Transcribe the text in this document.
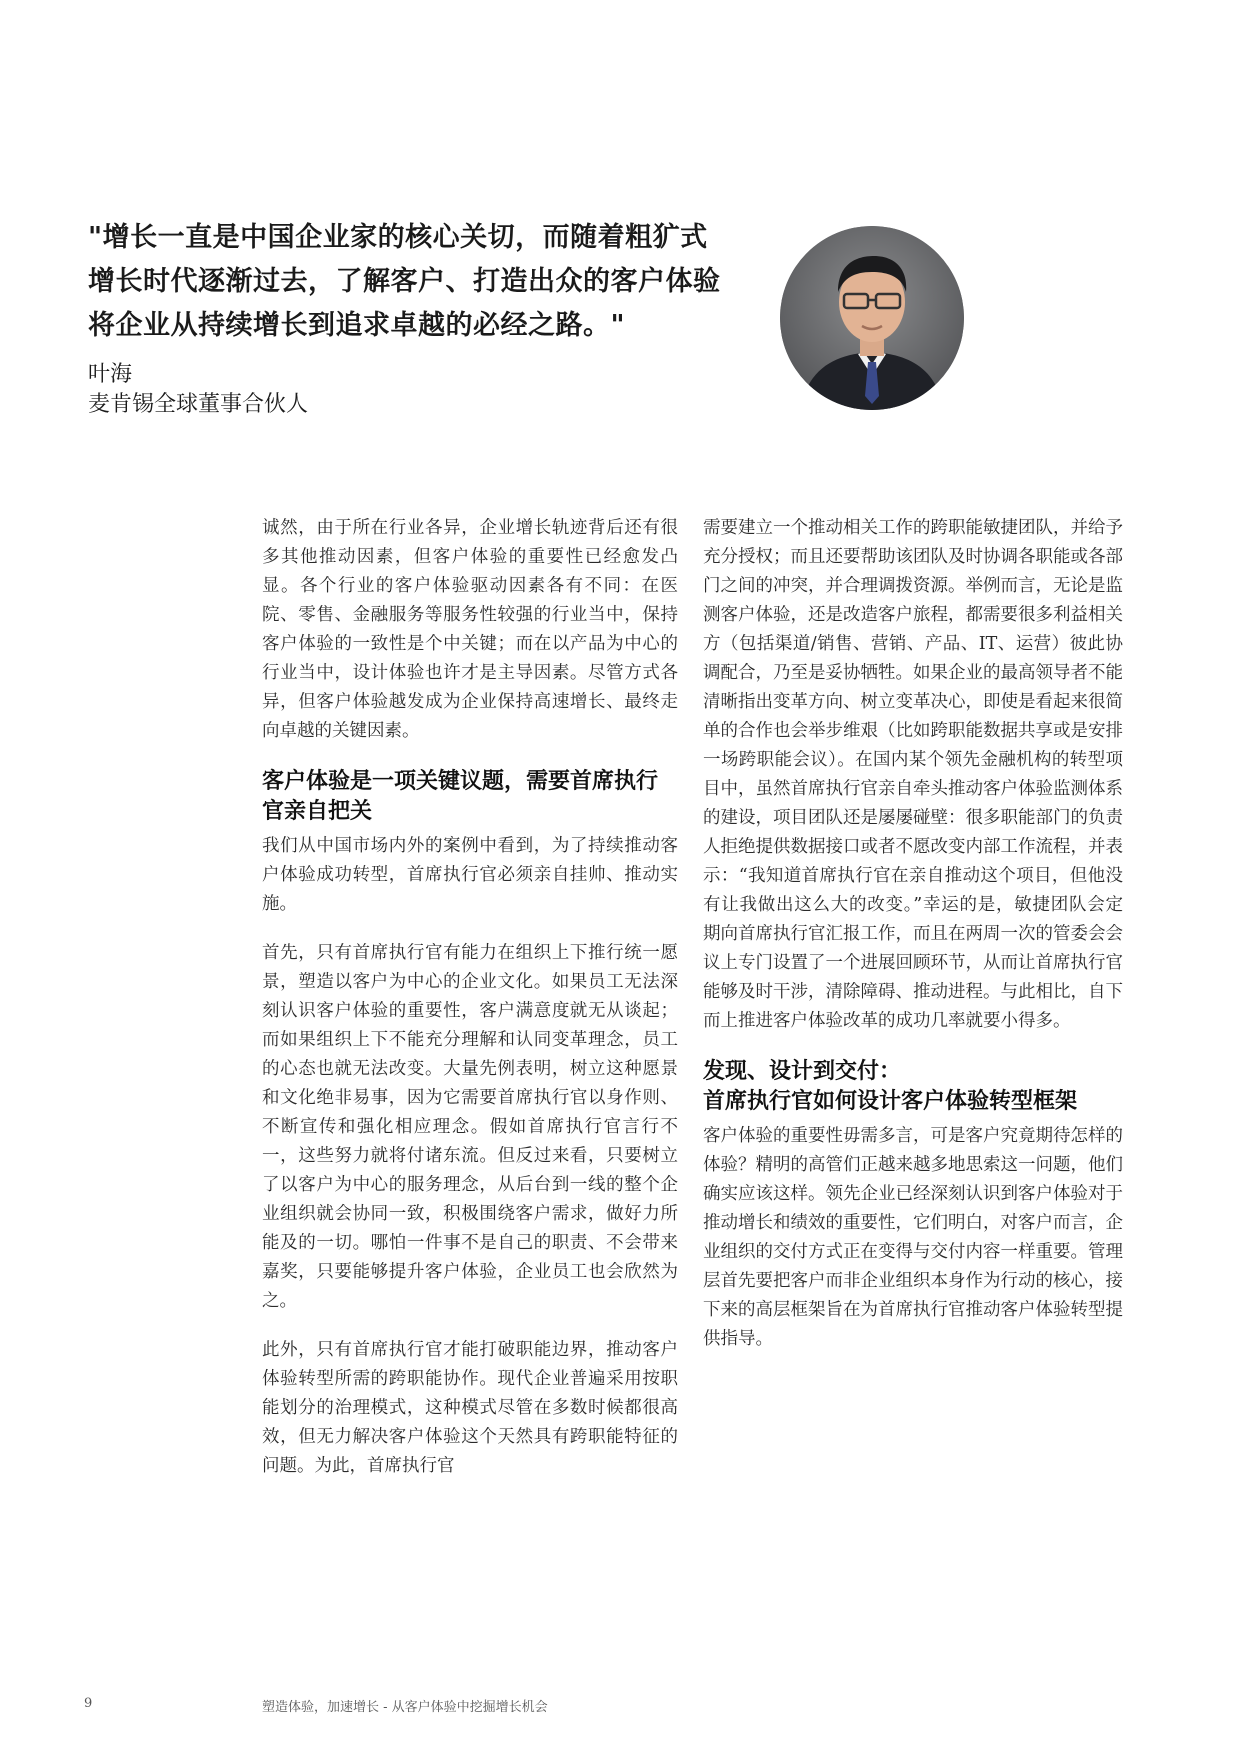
"增长一直是中国企业家的核心关切，而随着粗犷式增长时代逐渐过去，了解客户、打造出众的客户体验将企业从持续增长到追求卓越的必经之路。"

叶海

麦肯锡全球董事合伙人

诚然，由于所在行业各异，企业增长轨迹背后还有很多其他推动因素，但客户体验的重要性已经愈发凸显。各个行业的客户体验驱动因素各有不同：在医院、零售、金融服务等服务性较强的行业当中，保持客户体验的一致性是个中关键；而在以产品为中心的行业当中，设计体验也许才是主导因素。尽管方式各异，但客户体验越发成为企业保持高速增长、最终走向卓越的关键因素。

客户体验是一项关键议题，需要首席执行官亲自把关

我们从中国市场内外的案例中看到，为了持续推动客户体验成功转型，首席执行官必须亲自挂帅、推动实施。

首先，只有首席执行官有能力在组织上下推行统一愿景，塑造以客户为中心的企业文化。如果员工无法深刻认识客户体验的重要性，客户满意度就无从谈起；而如果组织上下不能充分理解和认同变革理念，员工的心态也就无法改变。大量先例表明，树立这种愿景和文化绝非易事，因为它需要首席执行官以身作则、不断宣传和强化相应理念。假如首席执行官言行不一，这些努力就将付诸东流。但反过来看，只要树立了以客户为中心的服务理念，从后台到一线的整个企业组织就会协同一致，积极围绕客户需求，做好力所能及的一切。哪怕一件事不是自己的职责、不会带来嘉奖，只要能够提升客户体验，企业员工也会欣然为之。

此外，只有首席执行官才能打破职能边界，推动客户体验转型所需的跨职能协作。现代企业普遍采用按职能划分的治理模式，这种模式尽管在多数时候都很高效，但无力解决客户体验这个天然具有跨职能特征的问题。为此，首席执行官

需要建立一个推动相关工作的跨职能敏捷团队，并给予充分授权；而且还要帮助该团队及时协调各职能或各部门之间的冲突，并合理调拨资源。举例而言，无论是监测客户体验，还是改造客户旅程，都需要很多利益相关方（包括渠道/销售、营销、产品、IT、运营）彼此协调配合，乃至是妥协牺牲。如果企业的最高领导者不能清晰指出变革方向、树立变革决心，即使是看起来很简单的合作也会举步维艰（比如跨职能数据共享或是安排一场跨职能会议）。在国内某个领先金融机构的转型项目中，虽然首席执行官亲自牵头推动客户体验监测体系的建设，项目团队还是屡屡碰壁：很多职能部门的负责人拒绝提供数据接口或者不愿改变内部工作流程，并表示：“我知道首席执行官在亲自推动这个项目，但他没有让我做出这么大的改变。”幸运的是，敏捷团队会定期向首席执行官汇报工作，而且在两周一次的管委会会议上专门设置了一个进展回顾环节，从而让首席执行官能够及时干涉，清除障碍、推动进程。与此相比，自下而上推进客户体验改革的成功几率就要小得多。

发现、设计到交付：
首席执行官如何设计客户体验转型框架

客户体验的重要性毋需多言，可是客户究竟期待怎样的体验？精明的高管们正越来越多地思索这一问题，他们确实应该这样。领先企业已经深刻认识到客户体验对于推动增长和绩效的重要性，它们明白，对客户而言，企业组织的交付方式正在变得与交付内容一样重要。管理层首先要把客户而非企业组织本身作为行动的核心，接下来的高层框架旨在为首席执行官推动客户体验转型提供指导。

9	塑造体验，加速增长 - 从客户体验中挖掘增长机会
